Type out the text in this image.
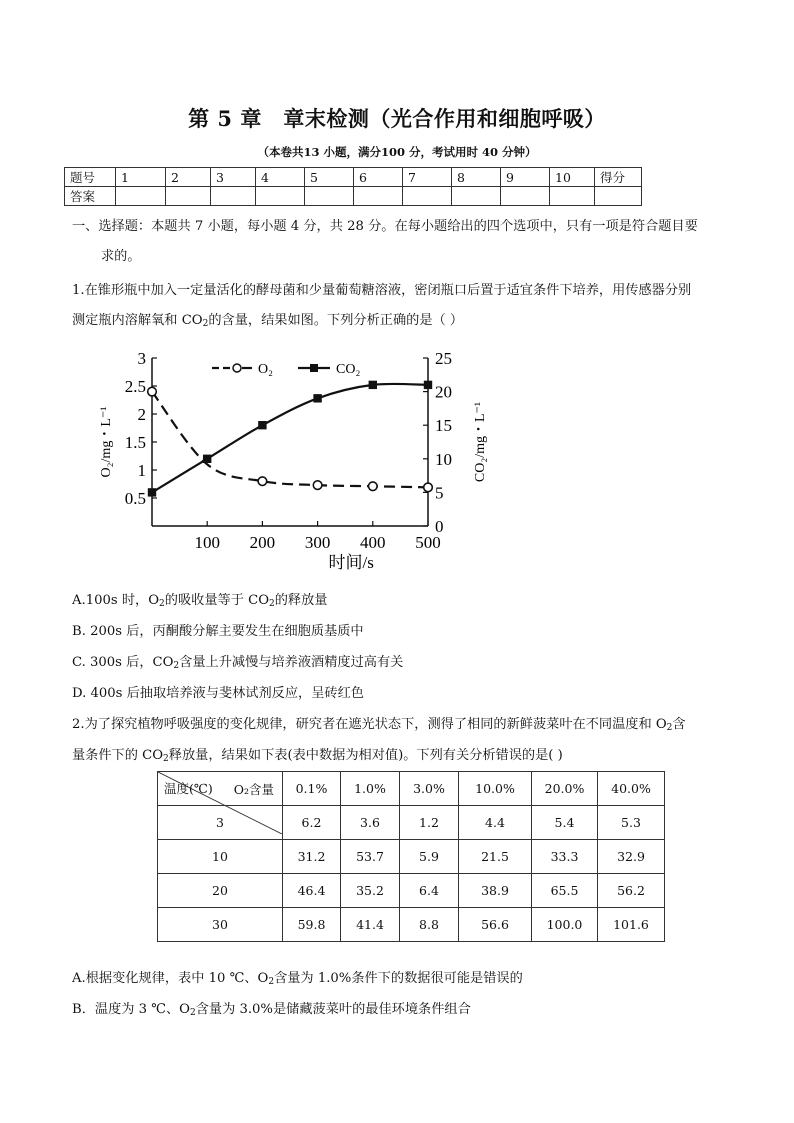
第 5 章　章末检测（光合作用和细胞呼吸）
（本卷共13 小题，满分100 分，考试用时 40 分钟）
题号	1	2	3	4	5	6	7	8	9	10	得分
答案											
一、选择题：本题共 7 小题，每小题 4 分，共 28 分。在每小题给出的四个选项中，只有一项是符合题目要
求的。
1.在锥形瓶中加入一定量活化的酵母菌和少量葡萄糖溶液，密闭瓶口后置于适宜条件下培养，用传感器分别
测定瓶内溶解氧和 $CO_2$的含量，结果如图。下列分析正确的是（ ）
0.5
1
1.5
2
2.5
3
0
5
10
15
20
25
100 200 300 400 500
O₂	CO₂
时间/s
O₂/mg・L⁻¹	CO₂/mg・L⁻¹
A.100s 时，$O_2$的吸收量等于 $CO_2$的释放量
B. 200s 后，丙酮酸分解主要发生在细胞质基质中
C. 300s 后，$CO_2$含量上升减慢与培养液酒精度过高有关
D. 400s 后抽取培养液与斐林试剂反应，呈砖红色
2.为了探究植物呼吸强度的变化规律，研究者在遮光状态下，测得了相同的新鲜菠菜叶在不同温度和 $O_2$含
量条件下的 $CO_2$释放量，结果如下表(表中数据为相对值)。下列有关分析错误的是( )
O₂含量
温度(℃)	0.1%	1.0%	3.0%	10.0%	20.0%	40.0%
3	6.2	3.6	1.2	4.4	5.4	5.3
10	31.2	53.7	5.9	21.5	33.3	32.9
20	46.4	35.2	6.4	38.9	65.5	56.2
30	59.8	41.4	8.8	56.6	100.0	101.6
A.根据变化规律，表中 10 ℃、$O_2$含量为 1.0%条件下的数据很可能是错误的
B．温度为 3 ℃、$O_2$含量为 3.0%是储藏菠菜叶的最佳环境条件组合
